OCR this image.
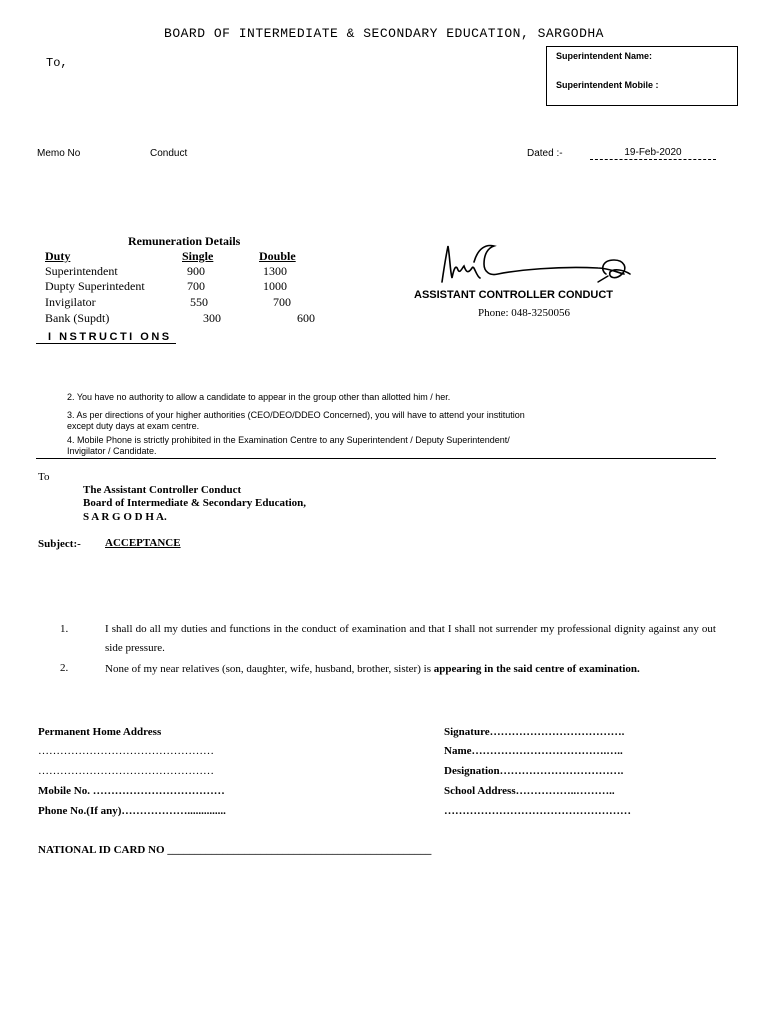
BOARD OF INTERMEDIATE & SECONDARY EDUCATION, SARGODHA
To,	Superintendent Name:
Superintendent Mobile :
Memo No	Conduct	Dated :-	19-Feb-2020
Remuneration Details
Duty	Single	Double
Superintendent	900	1300
Dupty Superintedent	700	1000
Invigilator	550	700
Bank (Supdt)	300	600
I NSTRUCTI ONS
ASSISTANT CONTROLLER CONDUCT
Phone: 048-3250056
2. You have no authority to allow a candidate to appear in the group other than allotted him / her.
3. As per directions of your higher authorities (CEO/DEO/DDEO Concerned), you will have to attend your institution
except duty days at exam centre.
4. Mobile Phone is strictly prohibited in the Examination Centre to any Superintendent / Deputy Superintendent/
Invigilator / Candidate.
To
The Assistant Controller Conduct
Board of Intermediate & Secondary Education,
S A R G O D H A.
Subject:- ACCEPTANCE
1.	I shall do all my duties and functions in the conduct of examination and that I shall not surrender my professional dignity against any out side pressure.
2.	None of my near relatives (son, daughter, wife, husband, brother, sister) is appearing in the said centre of examination.
Permanent Home Address
…………………………………………
…………………………………………
Mobile No. ………………………………
Phone No.(If any)………………..............
Signature……………………………….
Name……………………………….…..
Designation…………………………….
School Address……………..………..
……………………………………………
NATIONAL ID CARD NO ________________________________________________
